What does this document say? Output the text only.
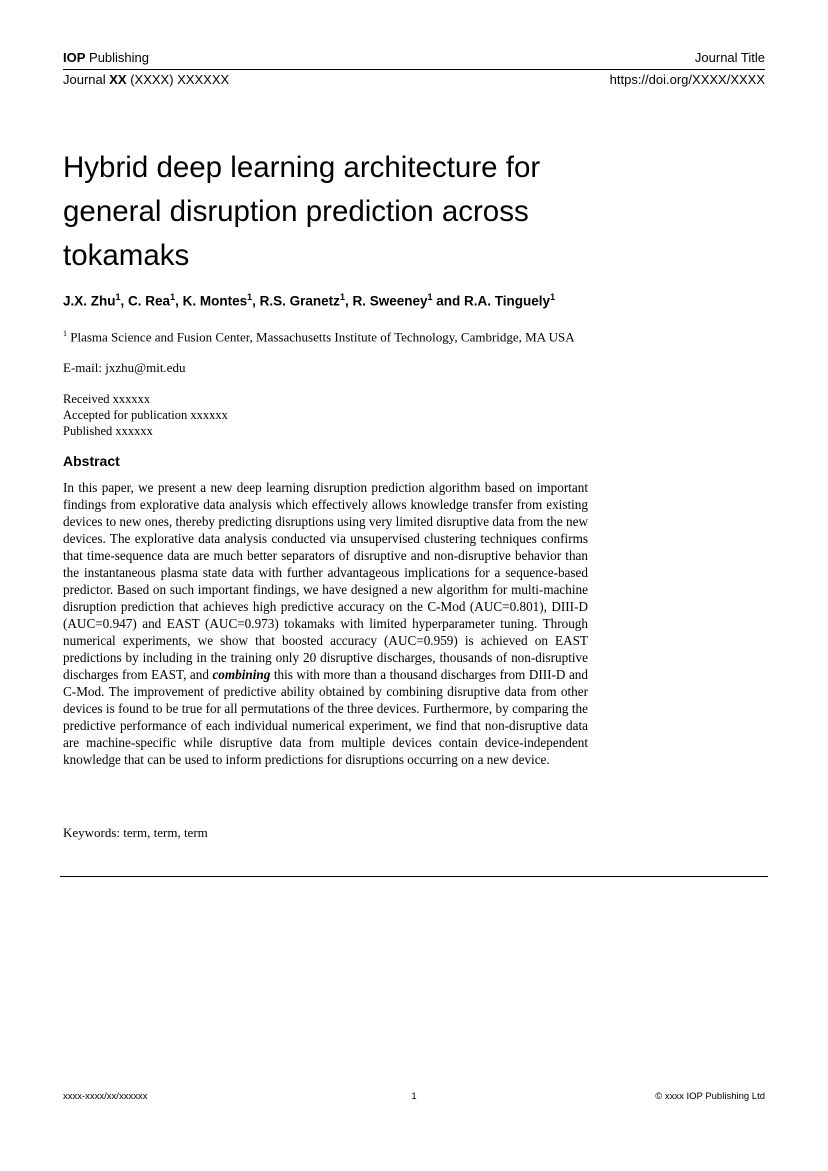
IOP Publishing	Journal Title
Journal XX (XXXX) XXXXXX	https://doi.org/XXXX/XXXX
Hybrid deep learning architecture for general disruption prediction across tokamaks
J.X. Zhu$^1$, C. Rea$^1$, K. Montes$^1$, R.S. Granetz$^1$, R. Sweeney$^1$ and R.A. Tinguely$^1$
$^1$ Plasma Science and Fusion Center, Massachusetts Institute of Technology, Cambridge, MA USA
E-mail: jxzhu@mit.edu
Received xxxxxx
Accepted for publication xxxxxx
Published xxxxxx
Abstract

In this paper, we present a new deep learning disruption prediction algorithm based on important findings from explorative data analysis which effectively allows knowledge transfer from existing devices to new ones, thereby predicting disruptions using very limited disruptive data from the new devices. The explorative data analysis conducted via unsupervised clustering techniques confirms that time-sequence data are much better separators of disruptive and non-disruptive behavior than the instantaneous plasma state data with further advantageous implications for a sequence-based predictor. Based on such important findings, we have designed a new algorithm for multi-machine disruption prediction that achieves high predictive accuracy on the C-Mod (AUC=0.801), DIII-D (AUC=0.947) and EAST (AUC=0.973) tokamaks with limited hyperparameter tuning. Through numerical experiments, we show that boosted accuracy (AUC=0.959) is achieved on EAST predictions by including in the training only 20 disruptive discharges, thousands of non-disruptive discharges from EAST, and combining this with more than a thousand discharges from DIII-D and C-Mod. The improvement of predictive ability obtained by combining disruptive data from other devices is found to be true for all permutations of the three devices. Furthermore, by comparing the predictive performance of each individual numerical experiment, we find that non-disruptive data are machine-specific while disruptive data from multiple devices contain device-independent knowledge that can be used to inform predictions for disruptions occurring on a new device.

Keywords: term, term, term
xxxx-xxxx/xx/xxxxxx	1	© xxxx IOP Publishing Ltd
